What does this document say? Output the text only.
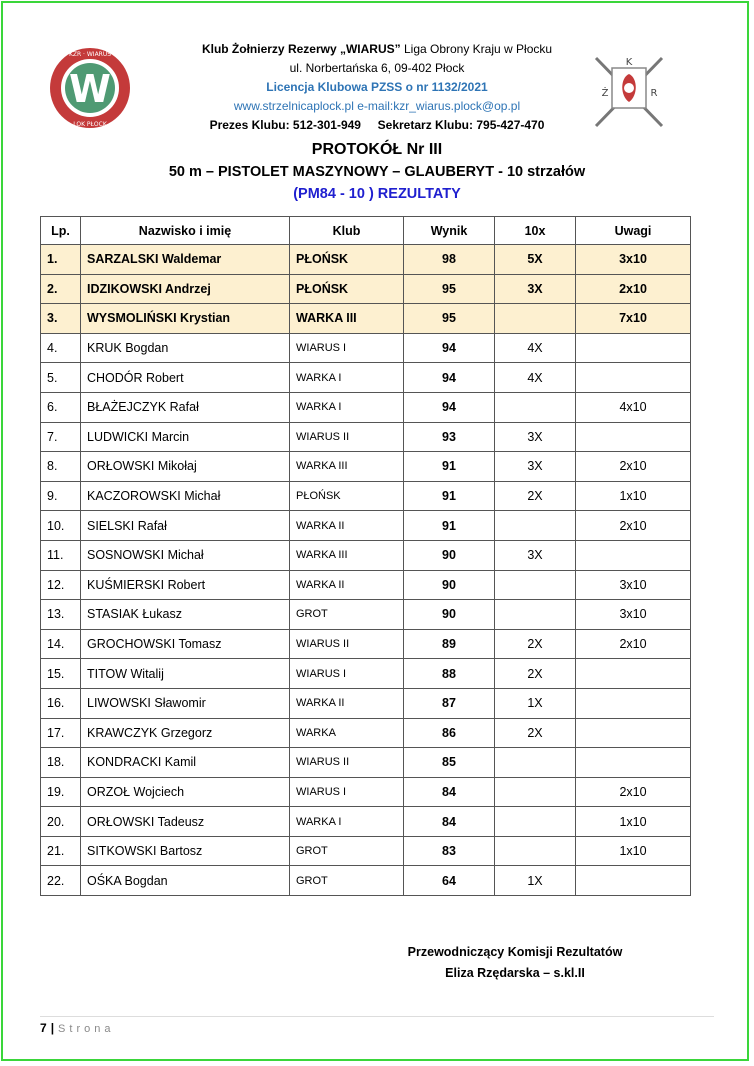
KZR · WIARUS
LOK PŁOCK
W
K
Ż	R
Klub Żołnierzy Rezerwy „WIARUS” Liga Obrony Kraju w Płocku
ul. Norbertańska 6, 09-402 Płock
Licencja Klubowa PZSS o nr 1132/2021
www.strzelnicaplock.pl e-mail:kzr_wiarus.plock@op.pl
Prezes Klubu: 512-301-949 Sekretarz Klubu: 795-427-470
PROTOKÓŁ Nr III
50 m – PISTOLET MASZYNOWY – GLAUBERYT - 10 strzałów
(PM84 - 10 ) REZULTATY
Lp.	Nazwisko i imię	Klub	Wynik	10x	Uwagi
1.	SARZALSKI Waldemar	PŁOŃSK	98	5X	3x10
2.	IDZIKOWSKI Andrzej	PŁOŃSK	95	3X	2x10
3.	WYSMOLIŃSKI Krystian	WARKA III	95		7x10
4.	KRUK Bogdan	WIARUS I	94	4X	
5.	CHODÓR Robert	WARKA I	94	4X	
6.	BŁAŻEJCZYK Rafał	WARKA I	94		4x10
7.	LUDWICKI Marcin	WIARUS II	93	3X	
8.	ORŁOWSKI Mikołaj	WARKA III	91	3X	2x10
9.	KACZOROWSKI Michał	PŁOŃSK	91	2X	1x10
10.	SIELSKI Rafał	WARKA II	91		2x10
11.	SOSNOWSKI Michał	WARKA III	90	3X	
12.	KUŚMIERSKI Robert	WARKA II	90		3x10
13.	STASIAK Łukasz	GROT	90		3x10
14.	GROCHOWSKI Tomasz	WIARUS II	89	2X	2x10
15.	TITOW Witalij	WIARUS I	88	2X	
16.	LIWOWSKI Sławomir	WARKA II	87	1X	
17.	KRAWCZYK Grzegorz	WARKA	86	2X	
18.	KONDRACKI Kamil	WIARUS II	85		
19.	ORZOŁ Wojciech	WIARUS I	84		2x10
20.	ORŁOWSKI Tadeusz	WARKA I	84		1x10
21.	SITKOWSKI Bartosz	GROT	83		1x10
22.	OŚKA Bogdan	GROT	64	1X	
Przewodniczący Komisji Rezultatów
Eliza Rzędarska – s.kl.II
7 | Strona
